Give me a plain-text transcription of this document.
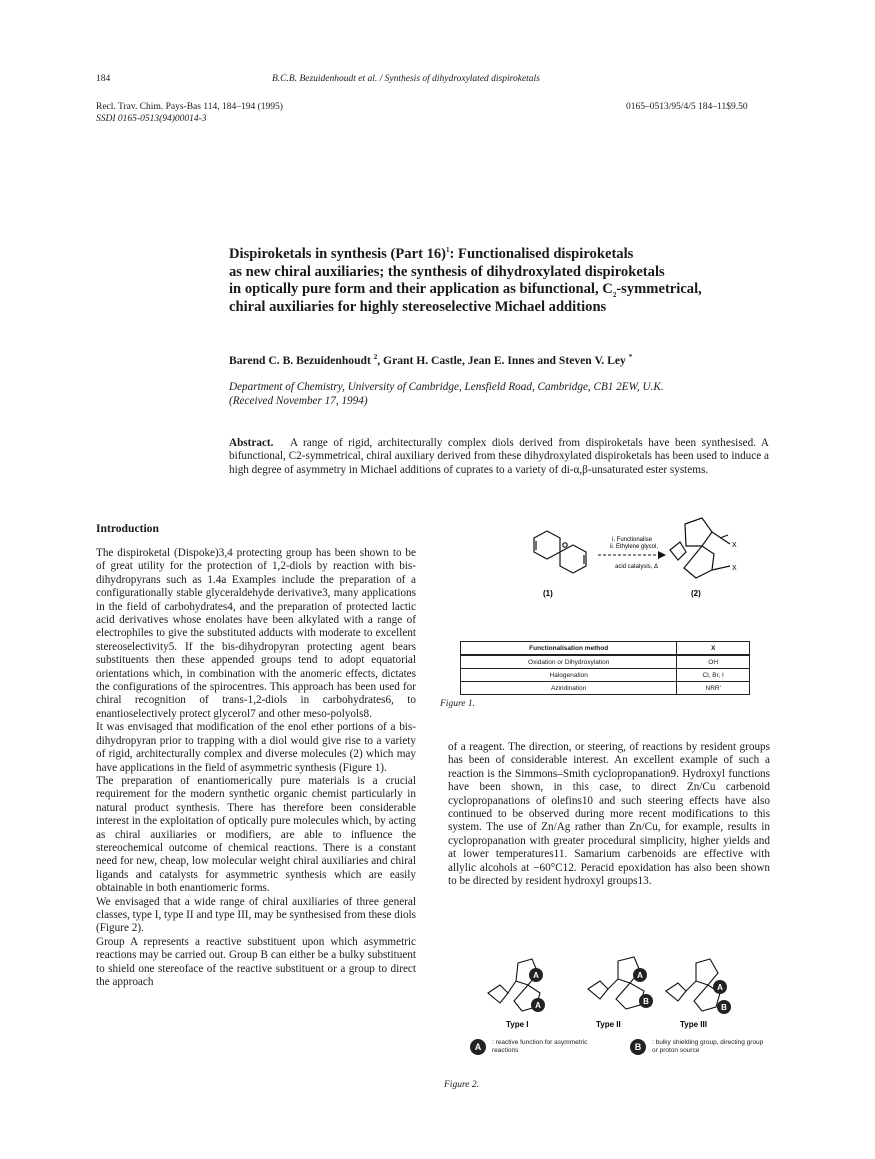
184	B.C.B. Bezuidenhoudt et al. / Synthesis of dihydroxylated dispiroketals
Recl. Trav. Chim. Pays-Bas 114, 184–194 (1995)
SSDI 0165-0513(94)00014-3
0165–0513/95/4/5 184–11$9.50
Dispiroketals in synthesis (Part 16)$^1$: Functionalised dispiroketals
as new chiral auxiliaries; the synthesis of dihydroxylated dispiroketals
in optically pure form and their application as bifunctional, $C_2$-symmetrical,
chiral auxiliaries for highly stereoselective Michael additions
Barend C. B. Bezuidenhoudt $^2$, Grant H. Castle, Jean E. Innes and Steven V. Ley *
Department of Chemistry, University of Cambridge, Lensfield Road, Cambridge, CB1 2EW, U.K.
(Received November 17, 1994)
Abstract. A range of rigid, architecturally complex diols derived from dispiroketals have been synthesised. A bifunctional, C2-symmetrical, chiral auxiliary derived from these dihydroxylated dispiroketals has been used to induce a high degree of asymmetry in Michael additions of cuprates to a variety of di-α,β-unsaturated ester systems.
Introduction

The dispiroketal (Dispoke)3,4 protecting group has been shown to be of great utility for the protection of 1,2-diols by reaction with bis-dihydropyrans such as 1.4a Examples include the preparation of a configurationally stable glyceraldehyde derivative3, many applications in the field of carbohydrates4, and the preparation of protected lactic acid derivatives whose enolates have been alkylated with a range of electrophiles to give the substituted adducts with moderate to excellent stereoselectivity5. If the bis-dihydropyran protecting agent bears substituents then these appended groups tend to adopt equatorial orientations which, in combination with the anomeric effects, dictates the configurations of the spirocentres. This approach has been used for chiral recognition of trans-1,2-diols in carbohydrates6, to enantioselectively protect glycerol7 and other meso-polyols8.

It was envisaged that modification of the enol ether portions of a bis-dihydropyran prior to trapping with a diol would give rise to a variety of rigid, architecturally complex and diverse molecules (2) which may have applications in the field of asymmetric synthesis (Figure 1).

The preparation of enantiomerically pure materials is a crucial requirement for the modern synthetic organic chemist particularly in natural product synthesis. There has therefore been considerable interest in the exploitation of optically pure molecules which, by acting as chiral auxiliaries or modifiers, are able to influence the stereochemical outcome of chemical reactions. There is a constant need for new, cheap, low molecular weight chiral auxiliaries and chiral ligands and catalysts for asymmetric synthesis which are easily obtainable in both enantiomeric forms.

We envisaged that a wide range of chiral auxiliaries of three general classes, type I, type II and type III, may be synthesised from these diols (Figure 2).

Group A represents a reactive substituent upon which asymmetric reactions may be carried out. Group B can either be a bulky substituent to shield one stereoface of the reactive substituent or a group to direct the approach

i. Functionalise
ii. Ethylene glycol,
acid catalysis, Δ
X
X
(1)	(2)
Functionalisation method	X
Oxidation or Dihydroxylation	OH
Halogenation	Cl, Br, I
Aziridination	NRR'
Figure 1.

of a reagent. The direction, or steering, of reactions by resident groups has been of considerable interest. An excellent example of such a reaction is the Simmons–Smith cyclopropanation9. Hydroxyl functions have been shown, in this case, to direct Zn/Cu carbenoid cyclopropanations of olefins10 and such steering effects have also continued to be observed during more recent modifications to this system. The use of Zn/Ag rather than Zn/Cu, for example, results in cyclopropanation with greater procedural simplicity, higher yields and at lower temperatures11. Samarium carbenoids are effective with allylic alcohols at −60°C12. Peracid epoxidation has also been shown to be directed by resident hydroxyl groups13.

A
A
A
B
A
B
Type I	Type II	Type III
A	: reactive function for asymmetric reactions	B	: bulky shielding group, directing group or proton source
Figure 2.
